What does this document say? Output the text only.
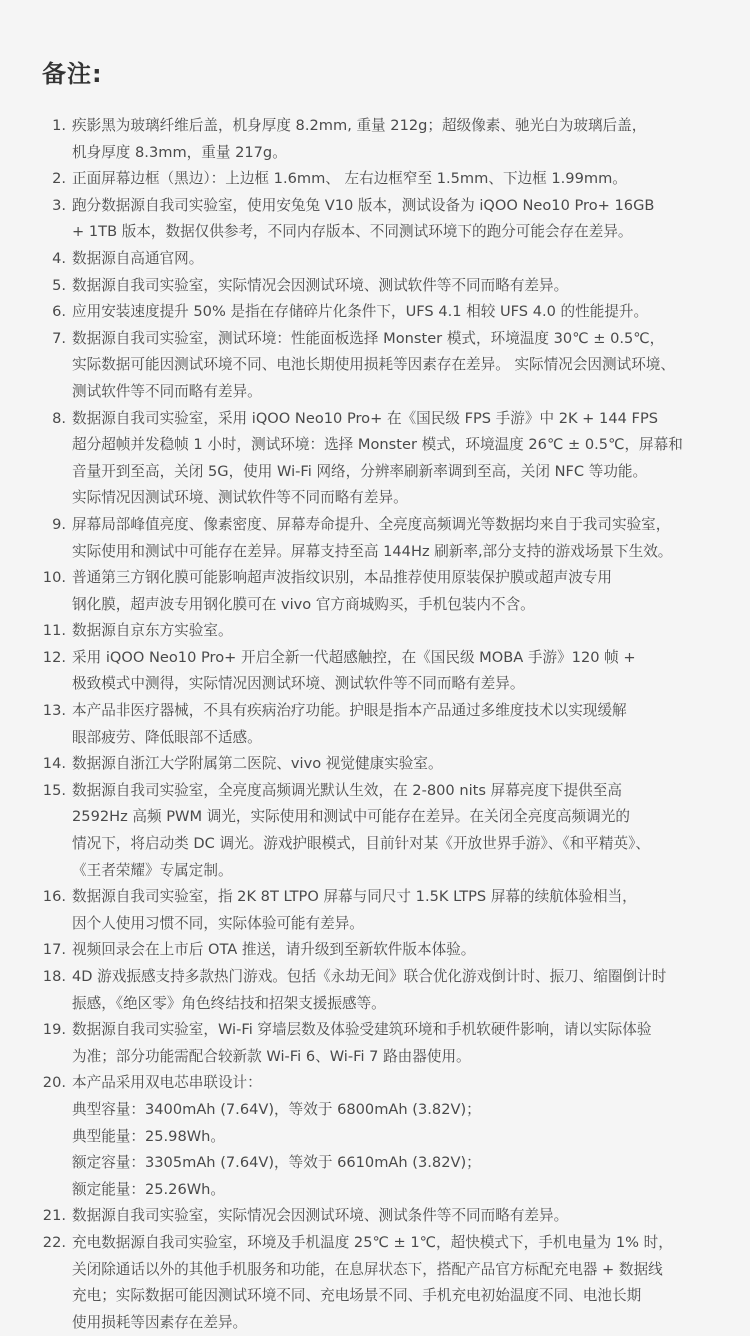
备注:
1. 疾影黑为玻璃纤维后盖，机身厚度 8.2mm, 重量 212g；超级像素、驰光白为玻璃后盖，
机身厚度 8.3mm，重量 217g。
2. 正面屏幕边框（黑边）：上边框 1.6mm、 左右边框窄至 1.5mm、下边框 1.99mm。
3. 跑分数据源自我司实验室，使用安兔兔 V10 版本，测试设备为 iQOO Neo10 Pro+ 16GB
+ 1TB 版本，数据仅供参考，不同内存版本、不同测试环境下的跑分可能会存在差异。
4. 数据源自高通官网。
5. 数据源自我司实验室，实际情况会因测试环境、测试软件等不同而略有差异。
6. 应用安装速度提升 50% 是指在存储碎片化条件下，UFS 4.1 相较 UFS 4.0 的性能提升。
7. 数据源自我司实验室，测试环境：性能面板选择 Monster 模式，环境温度 30℃ ± 0.5℃，
实际数据可能因测试环境不同、电池长期使用损耗等因素存在差异。 实际情况会因测试环境、
测试软件等不同而略有差异。
8. 数据源自我司实验室，采用 iQOO Neo10 Pro+ 在《国民级 FPS 手游》中 2K + 144 FPS
超分超帧并发稳帧 1 小时，测试环境：选择 Monster 模式，环境温度 26℃ ± 0.5℃，屏幕和
音量开到至高，关闭 5G，使用 Wi-Fi 网络，分辨率刷新率调到至高，关闭 NFC 等功能。
实际情况因测试环境、测试软件等不同而略有差异。
9. 屏幕局部峰值亮度、像素密度、屏幕寿命提升、全亮度高频调光等数据均来自于我司实验室，
实际使用和测试中可能存在差异。屏幕支持至高 144Hz 刷新率,部分支持的游戏场景下生效。
10. 普通第三方钢化膜可能影响超声波指纹识别，本品推荐使用原装保护膜或超声波专用
钢化膜，超声波专用钢化膜可在 vivo 官方商城购买，手机包装内不含。
11. 数据源自京东方实验室。
12. 采用 iQOO Neo10 Pro+ 开启全新一代超感触控，在《国民级 MOBA 手游》120 帧 +
极致模式中测得，实际情况因测试环境、测试软件等不同而略有差异。
13. 本产品非医疗器械，不具有疾病治疗功能。护眼是指本产品通过多维度技术以实现缓解
眼部疲劳、降低眼部不适感。
14. 数据源自浙江大学附属第二医院、vivo 视觉健康实验室。
15. 数据源自我司实验室，全亮度高频调光默认生效，在 2-800 nits 屏幕亮度下提供至高
2592Hz 高频 PWM 调光，实际使用和测试中可能存在差异。在关闭全亮度高频调光的
情况下，将启动类 DC 调光。游戏护眼模式，目前针对某《开放世界手游》、《和平精英》、
《王者荣耀》专属定制。
16. 数据源自我司实验室，指 2K 8T LTPO 屏幕与同尺寸 1.5K LTPS 屏幕的续航体验相当，
因个人使用习惯不同，实际体验可能有差异。
17. 视频回录会在上市后 OTA 推送，请升级到至新软件版本体验。
18. 4D 游戏振感支持多款热门游戏。包括《永劫无间》联合优化游戏倒计时、振刀、缩圈倒计时
振感，《绝区零》角色终结技和招架支援振感等。
19. 数据源自我司实验室，Wi-Fi 穿墙层数及体验受建筑环境和手机软硬件影响，请以实际体验
为准；部分功能需配合较新款 Wi-Fi 6、Wi-Fi 7 路由器使用。
20. 本产品采用双电芯串联设计：
典型容量：3400mAh (7.64V)，等效于 6800mAh (3.82V)；
典型能量：25.98Wh。
额定容量：3305mAh (7.64V)，等效于 6610mAh (3.82V)；
额定能量：25.26Wh。
21. 数据源自我司实验室，实际情况会因测试环境、测试条件等不同而略有差异。
22. 充电数据源自我司实验室，环境及手机温度 25℃ ± 1℃，超快模式下，手机电量为 1% 时，
关闭除通话以外的其他手机服务和功能，在息屏状态下，搭配产品官方标配充电器 + 数据线
充电；实际数据可能因测试环境不同、充电场景不同、手机充电初始温度不同、电池长期
使用损耗等因素存在差异。
